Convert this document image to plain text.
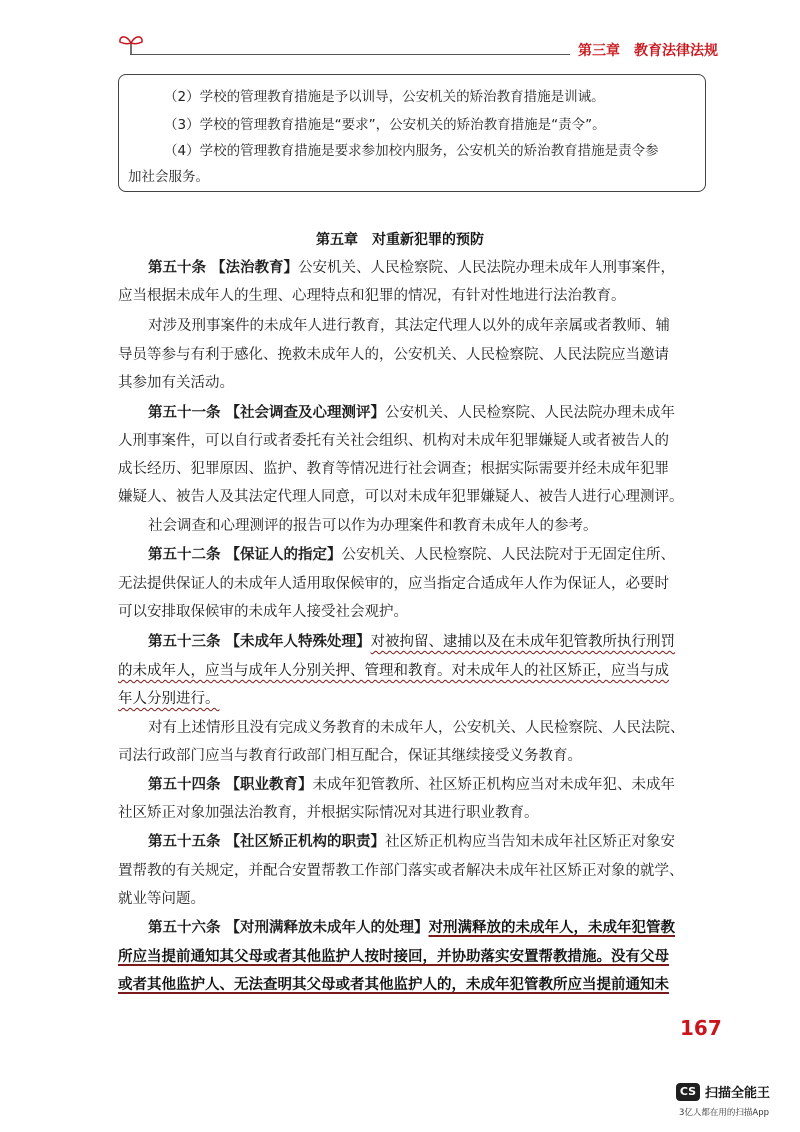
第三章 教育法律法规
（2）学校的管理教育措施是予以训导，公安机关的矫治教育措施是训诫。
（3）学校的管理教育措施是“要求”，公安机关的矫治教育措施是“责令”。
（4）学校的管理教育措施是要求参加校内服务，公安机关的矫治教育措施是责令参
加社会服务。
第五章　对重新犯罪的预防
第五十条 【法治教育】公安机关、人民检察院、人民法院办理未成年人刑事案件，
应当根据未成年人的生理、心理特点和犯罪的情况，有针对性地进行法治教育。
对涉及刑事案件的未成年人进行教育，其法定代理人以外的成年亲属或者教师、辅
导员等参与有利于感化、挽救未成年人的，公安机关、人民检察院、人民法院应当邀请
其参加有关活动。
第五十一条 【社会调查及心理测评】公安机关、人民检察院、人民法院办理未成年
人刑事案件，可以自行或者委托有关社会组织、机构对未成年犯罪嫌疑人或者被告人的
成长经历、犯罪原因、监护、教育等情况进行社会调查；根据实际需要并经未成年犯罪
嫌疑人、被告人及其法定代理人同意，可以对未成年犯罪嫌疑人、被告人进行心理测评。
社会调查和心理测评的报告可以作为办理案件和教育未成年人的参考。
第五十二条 【保证人的指定】公安机关、人民检察院、人民法院对于无固定住所、
无法提供保证人的未成年人适用取保候审的，应当指定合适成年人作为保证人，必要时
可以安排取保候审的未成年人接受社会观护。
第五十三条 【未成年人特殊处理】对被拘留、逮捕以及在未成年犯管教所执行刑罚
的未成年人，应当与成年人分别关押、管理和教育。对未成年人的社区矫正，应当与成
年人分别进行。
对有上述情形且没有完成义务教育的未成年人，公安机关、人民检察院、人民法院、
司法行政部门应当与教育行政部门相互配合，保证其继续接受义务教育。
第五十四条 【职业教育】未成年犯管教所、社区矫正机构应当对未成年犯、未成年
社区矫正对象加强法治教育，并根据实际情况对其进行职业教育。
第五十五条 【社区矫正机构的职责】社区矫正机构应当告知未成年社区矫正对象安
置帮教的有关规定，并配合安置帮教工作部门落实或者解决未成年社区矫正对象的就学、
就业等问题。
第五十六条 【对刑满释放未成年人的处理】对刑满释放的未成年人，未成年犯管教
所应当提前通知其父母或者其他监护人按时接回，并协助落实安置帮教措施。没有父母
或者其他监护人、无法查明其父母或者其他监护人的，未成年犯管教所应当提前通知未
167
CS 扫描全能王
3亿人都在用的扫描App
